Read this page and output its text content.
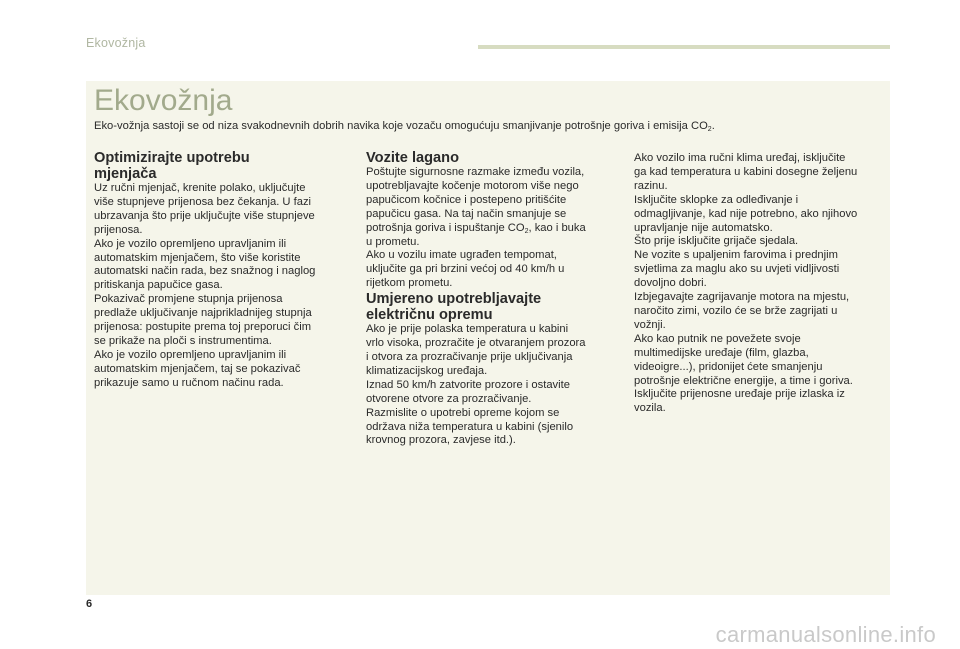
Ekovožnja
Ekovožnja

Eko-vožnja sastoji se od niza svakodnevnih dobrih navika koje vozaču omogućuju smanjivanje potrošnje goriva i emisija $CO_2$.

Optimizirajte upotrebu
mjenjača

Uz ručni mjenjač, krenite polako, uključujte
više stupnjeve prijenosa bez čekanja. U fazi
ubrzavanja što prije uključujte više stupnjeve
prijenosa.

Ako je vozilo opremljeno upravljanim ili
automatskim mjenjačem, što više koristite
automatski način rada, bez snažnog i naglog
pritiskanja papučice gasa.

Pokazivač promjene stupnja prijenosa
predlaže uključivanje najprikladnijeg stupnja
prijenosa: postupite prema toj preporuci čim
se prikaže na ploči s instrumentima.
Ako je vozilo opremljeno upravljanim ili
automatskim mjenjačem, taj se pokazivač
prikazuje samo u ručnom načinu rada.

Vozite lagano

Poštujte sigurnosne razmake između vozila,
upotrebljavajte kočenje motorom više nego
papučicom kočnice i postepeno pritišćite
papučicu gasa. Na taj način smanjuje se
potrošnja goriva i ispuštanje $CO_2$, kao i buka
u prometu.

Ako u vozilu imate ugrađen tempomat,
uključite ga pri brzini većoj od 40 km/h u
rijetkom prometu.

Umjereno upotrebljavajte
električnu opremu

Ako je prije polaska temperatura u kabini
vrlo visoka, prozračite je otvaranjem prozora
i otvora za prozračivanje prije uključivanja
klimatizacijskog uređaja.
Iznad 50 km/h zatvorite prozore i ostavite
otvorene otvore za prozračivanje.
Razmislite o upotrebi opreme kojom se
održava niža temperatura u kabini (sjenilo
krovnog prozora, zavjese itd.).

Ako vozilo ima ručni klima uređaj, isključite
ga kad temperatura u kabini dosegne željenu
razinu.
Isključite sklopke za odleđivanje i
odmagljivanje, kad nije potrebno, ako njihovo
upravljanje nije automatsko.
Što prije isključite grijače sjedala.

Ne vozite s upaljenim farovima i prednjim
svjetlima za maglu ako su uvjeti vidljivosti
dovoljno dobri.

Izbjegavajte zagrijavanje motora na mjestu,
naročito zimi, vozilo će se brže zagrijati u
vožnji.

Ako kao putnik ne povežete svoje
multimedijske uređaje (film, glazba,
videoigre...), pridonijet ćete smanjenju
potrošnje električne energije, a time i goriva.
Isključite prijenosne uređaje prije izlaska iz
vozila.

6
carmanualsonline.info
